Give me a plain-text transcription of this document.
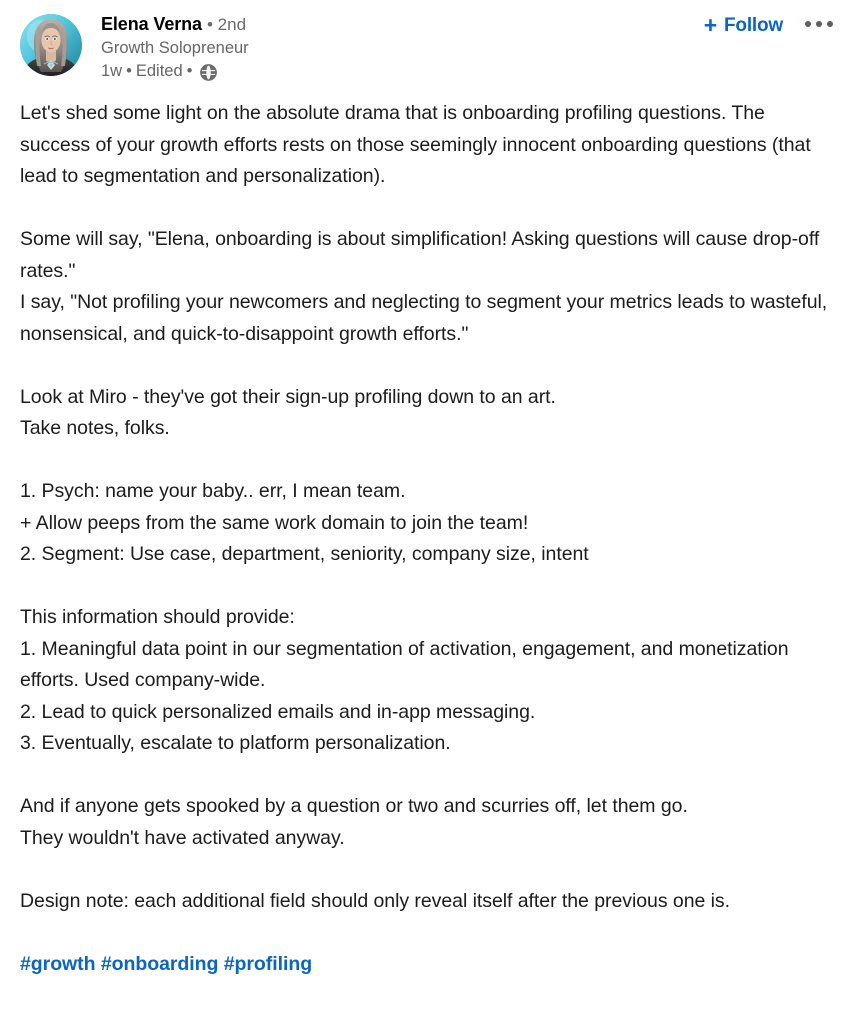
Elena Verna • 2nd
Growth Solopreneur
1w • Edited •
+ Follow

Let's shed some light on the absolute drama that is onboarding profiling questions. The success of your growth efforts rests on those seemingly innocent onboarding questions (that lead to segmentation and personalization).

Some will say, "Elena, onboarding is about simplification! Asking questions will cause drop-off rates."

I say, "Not profiling your newcomers and neglecting to segment your metrics leads to wasteful, nonsensical, and quick-to-disappoint growth efforts."

Look at Miro - they've got their sign-up profiling down to an art.

Take notes, folks.

1. Psych: name your baby.. err, I mean team.

+ Allow peeps from the same work domain to join the team!

2. Segment: Use case, department, seniority, company size, intent

This information should provide:

1. Meaningful data point in our segmentation of activation, engagement, and monetization efforts. Used company-wide.

2. Lead to quick personalized emails and in-app messaging.

3. Eventually, escalate to platform personalization.

And if anyone gets spooked by a question or two and scurries off, let them go.

They wouldn't have activated anyway.

Design note: each additional field should only reveal itself after the previous one is.

#growth #onboarding #profiling
